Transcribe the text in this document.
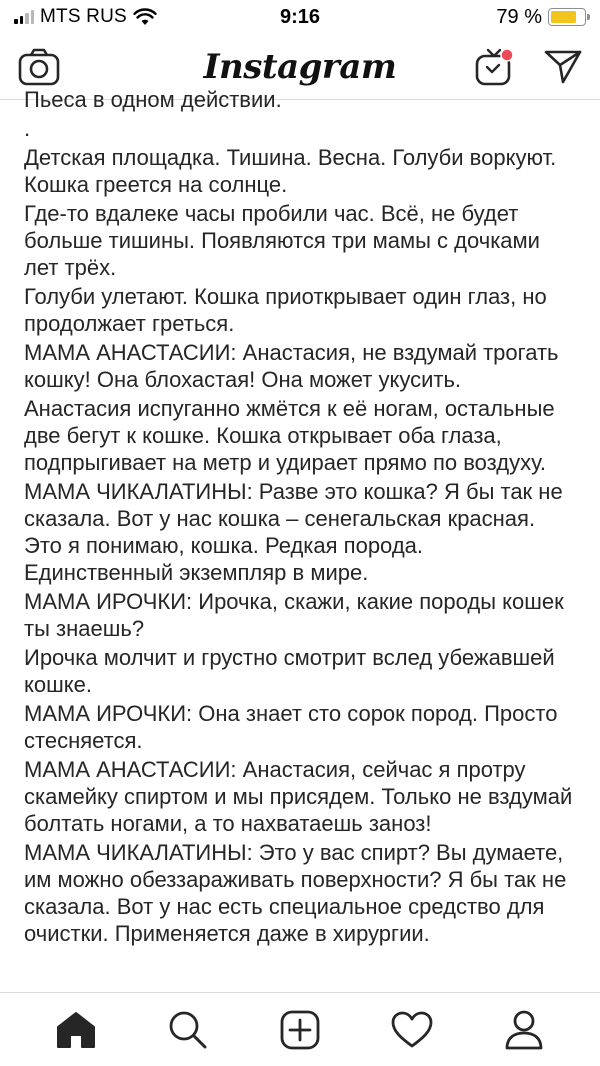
MTS RUS	9:16	79 %
Instagram

Пьеса в одном действии.

.

Детская площадка. Тишина. Весна. Голуби воркуют. Кошка греется на солнце.

Где-то вдалеке часы пробили час. Всё, не будет больше тишины. Появляются три мамы с дочками лет трёх.

Голуби улетают. Кошка приоткрывает один глаз, но продолжает греться.

МАМА АНАСТАСИИ: Анастасия, не вздумай трогать кошку! Она блохастая! Она может укусить.

Анастасия испуганно жмётся к её ногам, остальные две бегут к кошке. Кошка открывает оба глаза, подпрыгивает на метр и удирает прямо по воздуху.

МАМА ЧИКАЛАТИНЫ: Разве это кошка? Я бы так не сказала. Вот у нас кошка – сенегальская красная. Это я понимаю, кошка. Редкая порода. Единственный экземпляр в мире.

МАМА ИРОЧКИ: Ирочка, скажи, какие породы кошек ты знаешь?

Ирочка молчит и грустно смотрит вслед убежавшей кошке.

МАМА ИРОЧКИ: Она знает сто сорок пород. Просто стесняется.

МАМА АНАСТАСИИ: Анастасия, сейчас я протру скамейку спиртом и мы присядем. Только не вздумай болтать ногами, а то нахватаешь заноз!

МАМА ЧИКАЛАТИНЫ: Это у вас спирт? Вы думаете, им можно обеззараживать поверхности? Я бы так не сказала. Вот у нас есть специальное средство для очистки. Применяется даже в хирургии.
